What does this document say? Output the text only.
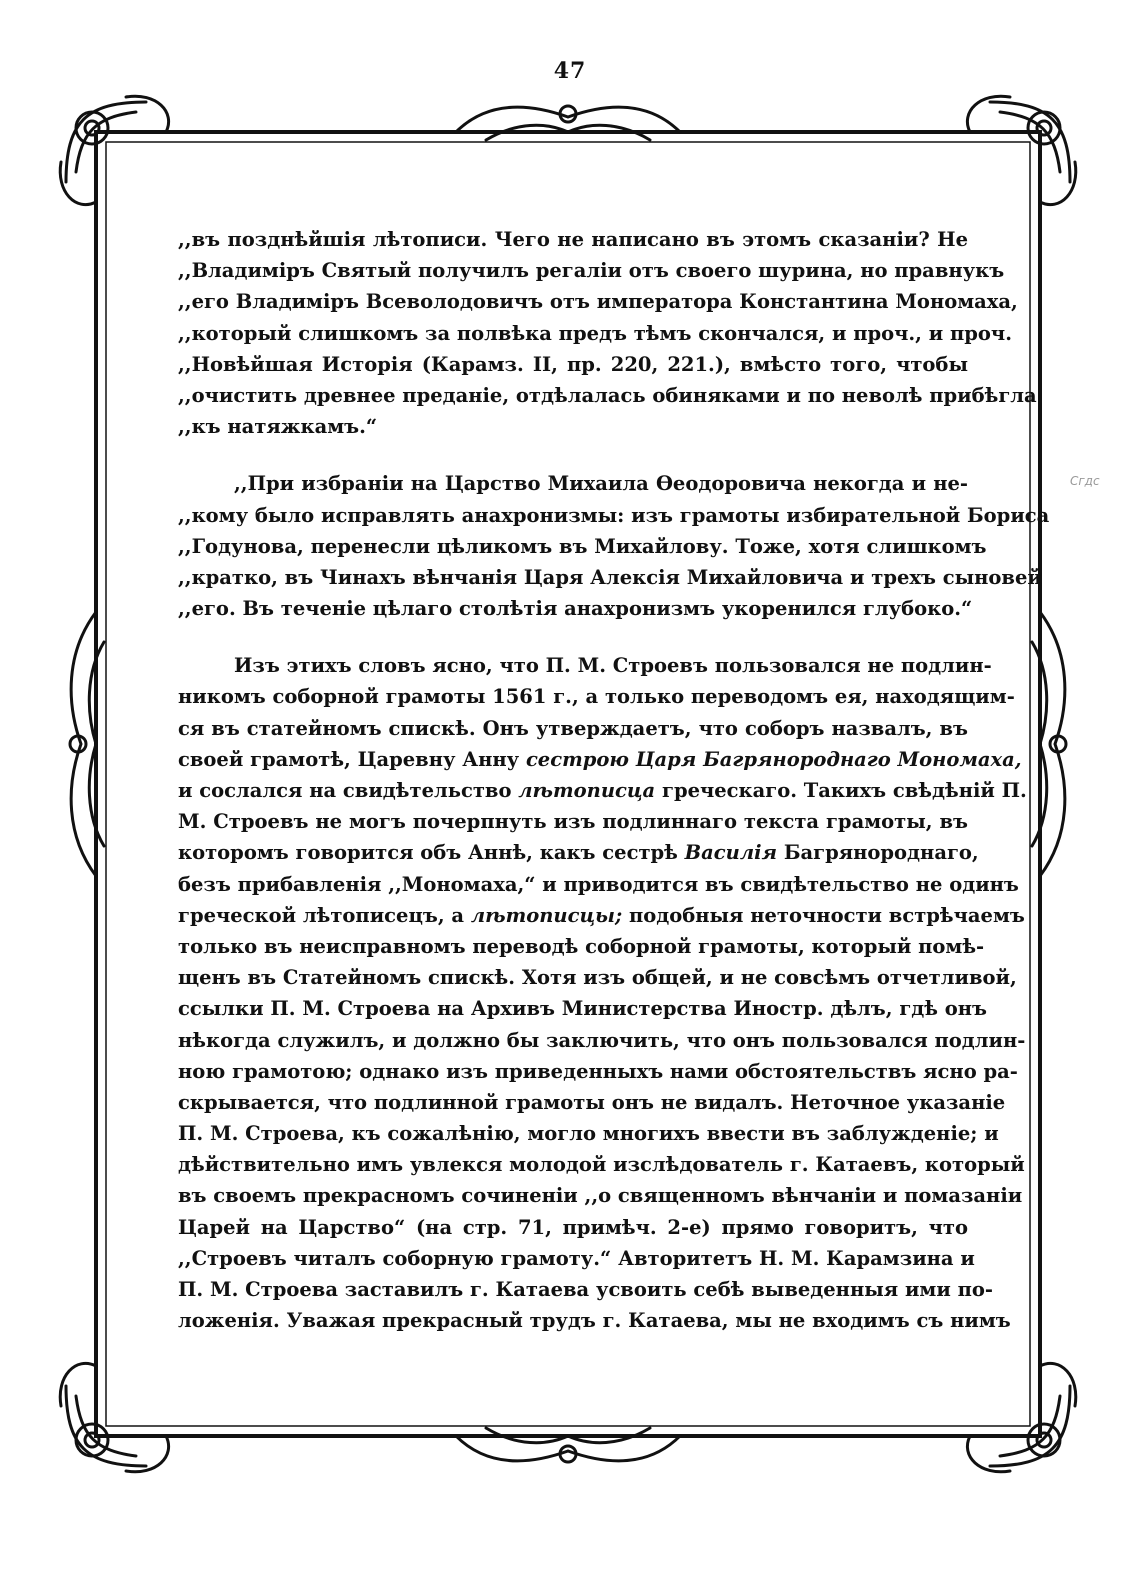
47
Cгдс
,,въ позднѣйшія лѣтописи. Чего не написано въ этомъ сказаніи? Не
,,Владиміръ Святый получилъ регаліи отъ своего шурина, но правнукъ
,,его Владиміръ Всеволодовичъ отъ императора Константина Мономаха,
,,который слишкомъ за полвѣка предъ тѣмъ скончался, и проч., и проч.
,,Новѣйшая Исторія (Карамз. II, пр. 220, 221.), вмѣсто того, чтобы
,,очистить древнее преданіе, отдѣлалась обиняками и по неволѣ прибѣгла
,,къ натяжкамъ.“
,,При избраніи на Царство Михаила Ѳеодоровича некогда и не-
,,кому было исправлять анахронизмы: изъ грамоты избирательной Бориса
,,Годунова, перенесли цѣликомъ въ Михайлову. Тоже, хотя слишкомъ
,,кратко, въ Чинахъ вѣнчанія Царя Алексія Михайловича и трехъ сыновей
,,его. Въ теченіе цѣлаго столѣтія анахронизмъ укоренился глубоко.“
Изъ этихъ словъ ясно, что П. М. Строевъ пользовался не подлин-
никомъ соборной грамоты 1561 г., а только переводомъ ея, находящим-
ся въ статейномъ спискѣ. Онъ утверждаетъ, что соборъ назвалъ, въ
своей грамотѣ, Царевну Анну сестрою Царя Багрянороднаго Мономаха,
и сослался на свидѣтельство лѣтописца греческаго. Такихъ свѣдѣній П.
М. Строевъ не могъ почерпнуть изъ подлиннаго текста грамоты, въ
которомъ говорится объ Аннѣ, какъ сестрѣ Василія Багрянороднаго,
безъ прибавленія ,,Мономаха,“ и приводится въ свидѣтельство не одинъ
греческой лѣтописецъ, а лѣтописцы; подобныя неточности встрѣчаемъ
только въ неисправномъ переводѣ соборной грамоты, который помѣ-
щенъ въ Статейномъ спискѣ. Хотя изъ общей, и не совсѣмъ отчетливой,
ссылки П. М. Строева на Архивъ Министерства Иностр. дѣлъ, гдѣ онъ
нѣкогда служилъ, и должно бы заключить, что онъ пользовался подлин-
ною грамотою; однако изъ приведенныхъ нами обстоятельствъ ясно ра-
скрывается, что подлинной грамоты онъ не видалъ. Неточное указаніе
П. М. Строева, къ сожалѣнію, могло многихъ ввести въ заблужденіе; и
дѣйствительно имъ увлекся молодой изслѣдователь г. Катаевъ, который
въ своемъ прекрасномъ сочиненіи ,,о священномъ вѣнчаніи и помазаніи
Царей на Царство“ (на стр. 71, примѣч. 2-е) прямо говоритъ, что
,,Строевъ читалъ соборную грамоту.“ Авторитетъ Н. М. Карамзина и
П. М. Строева заставилъ г. Катаева усвоить себѣ выведенныя ими по-
ложенія. Уважая прекрасный трудъ г. Катаева, мы не входимъ съ нимъ
